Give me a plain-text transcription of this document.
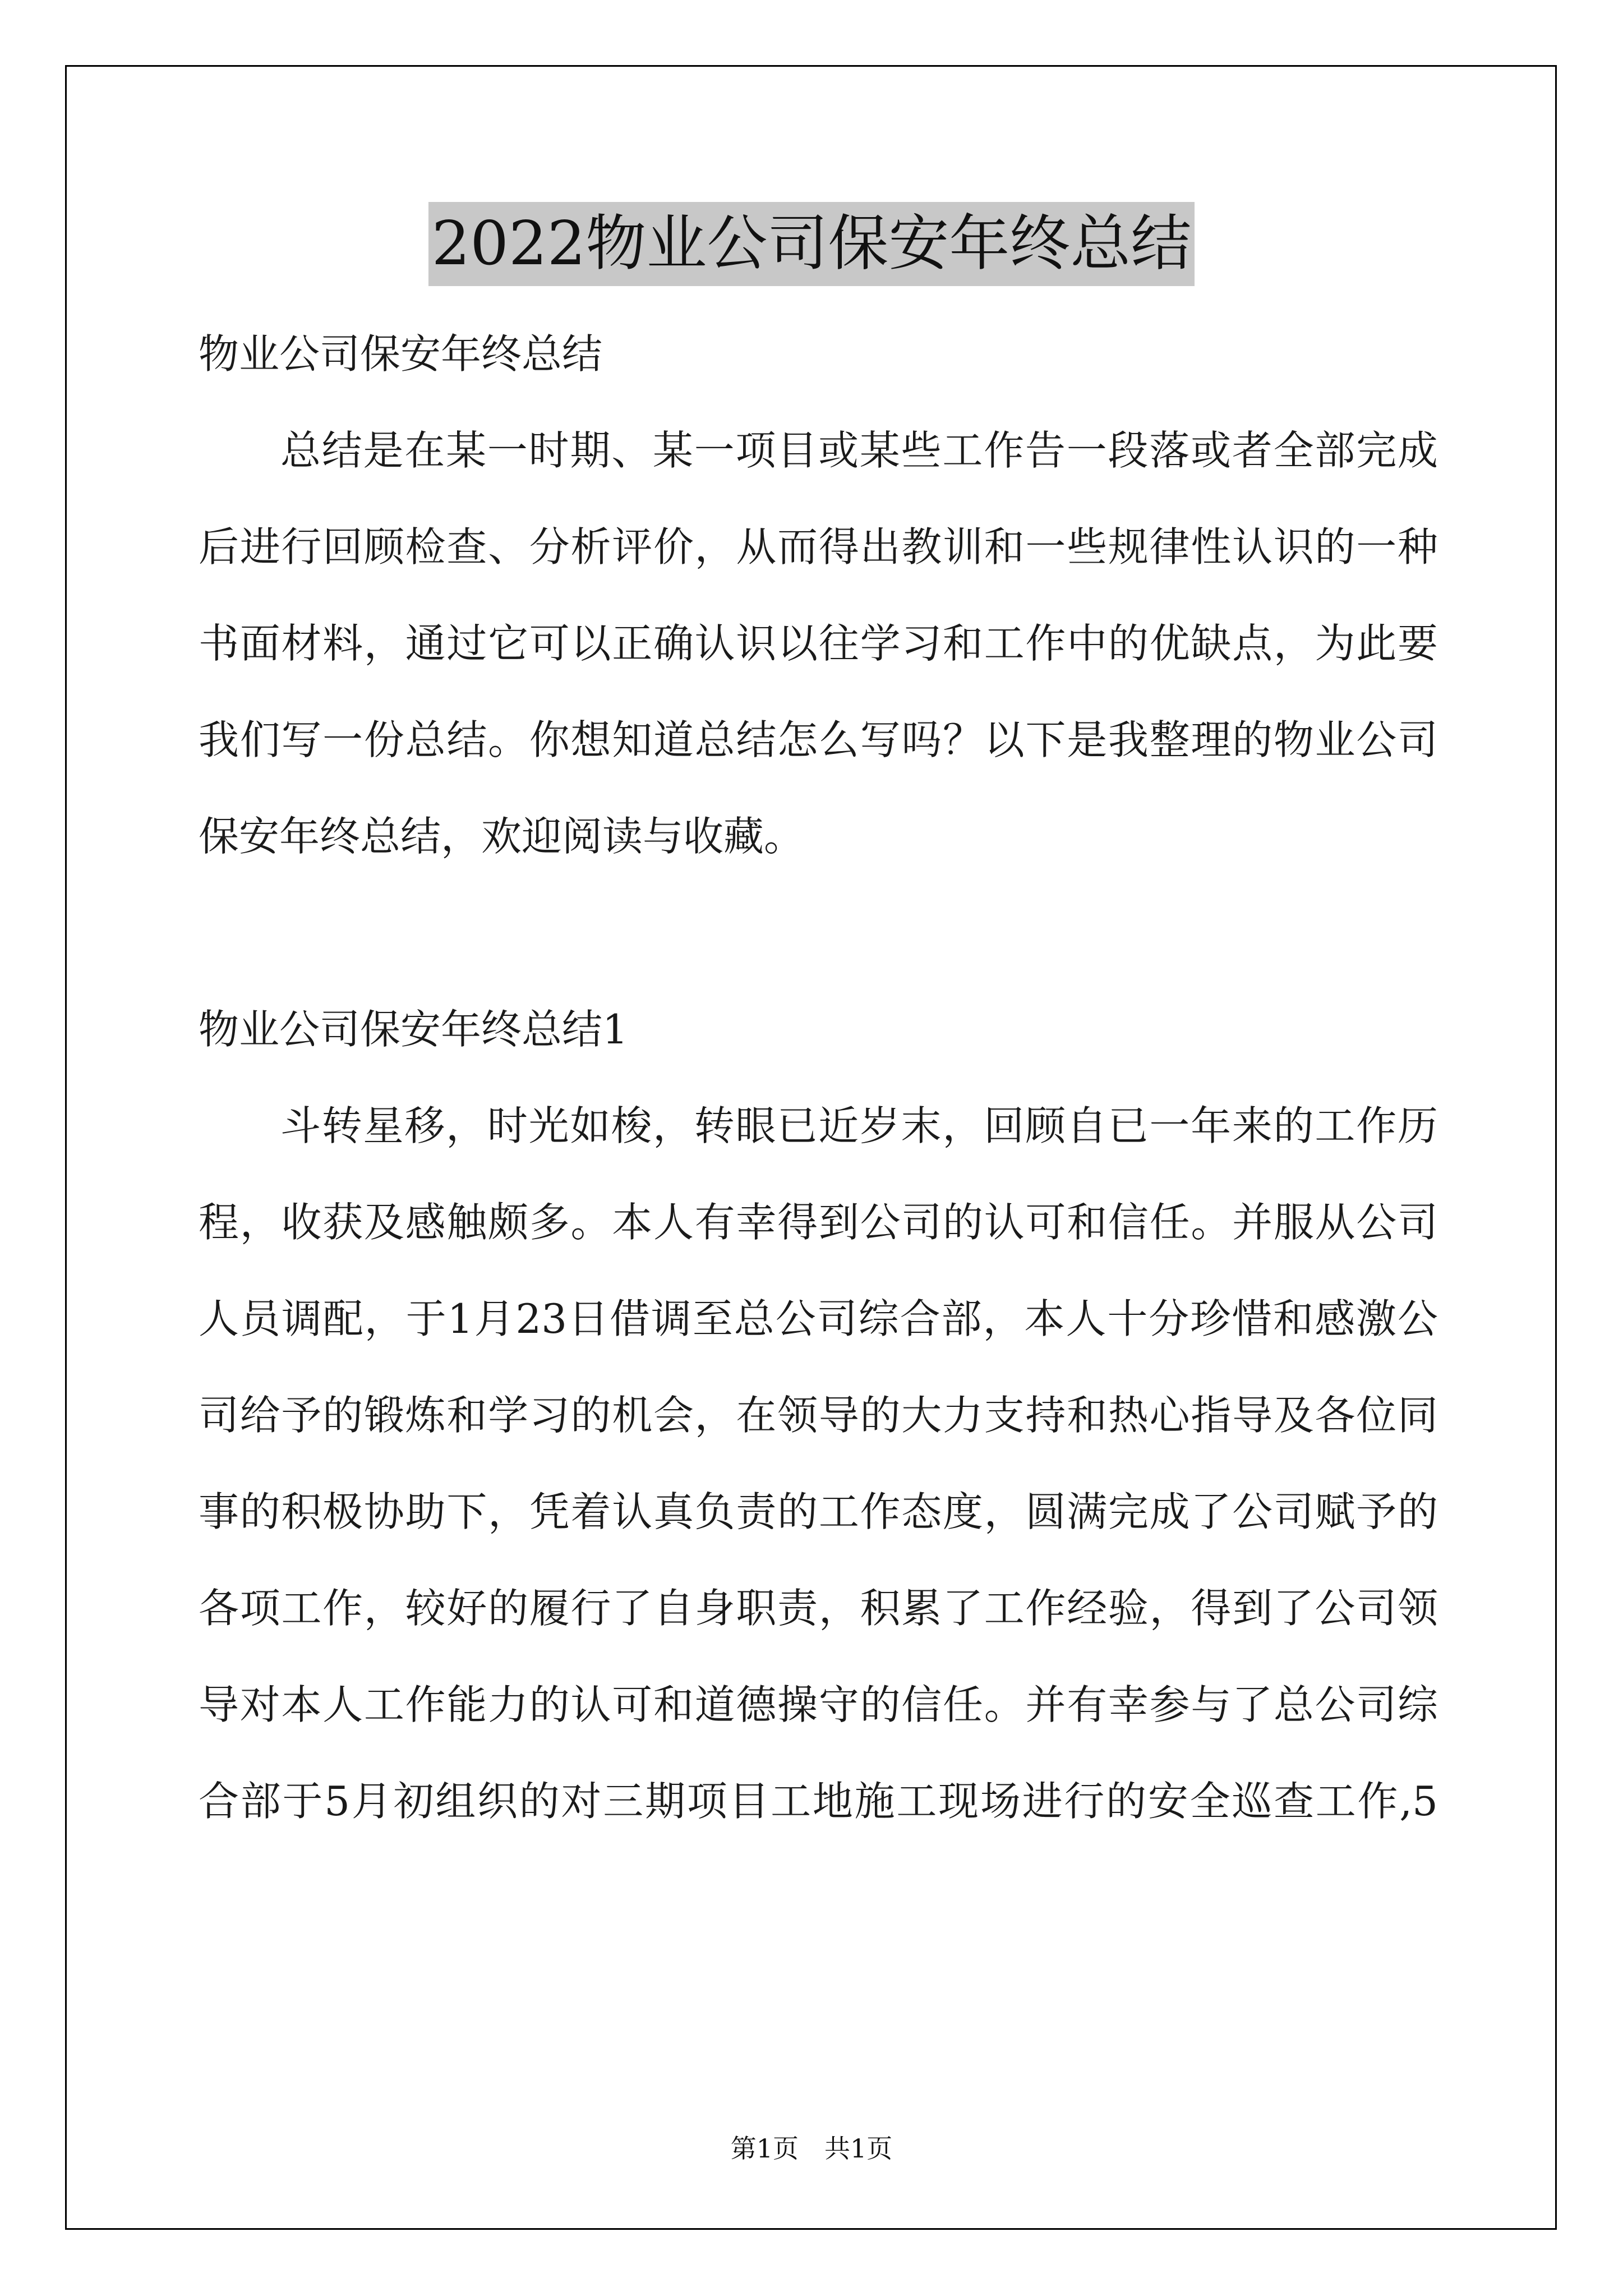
2022物业公司保安年终总结
物业公司保安年终总结
总结是在某一时期、某一项目或某些工作告一段落或者全部完成
后进行回顾检查、分析评价，从而得出教训和一些规律性认识的一种
书面材料，通过它可以正确认识以往学习和工作中的优缺点，为此要
我们写一份总结。你想知道总结怎么写吗？以下是我整理的物业公司
保安年终总结，欢迎阅读与收藏。
物业公司保安年终总结1
斗转星移，时光如梭，转眼已近岁末，回顾自已一年来的工作历
程，收获及感触颇多。本人有幸得到公司的认可和信任。并服从公司
人员调配，于1月23日借调至总公司综合部，本人十分珍惜和感激公
司给予的锻炼和学习的机会，在领导的大力支持和热心指导及各位同
事的积极协助下，凭着认真负责的工作态度，圆满完成了公司赋予的
各项工作，较好的履行了自身职责，积累了工作经验，得到了公司领
导对本人工作能力的认可和道德操守的信任。并有幸参与了总公司综
合部于5月初组织的对三期项目工地施工现场进行的安全巡查工作,5
第1页　共1页
